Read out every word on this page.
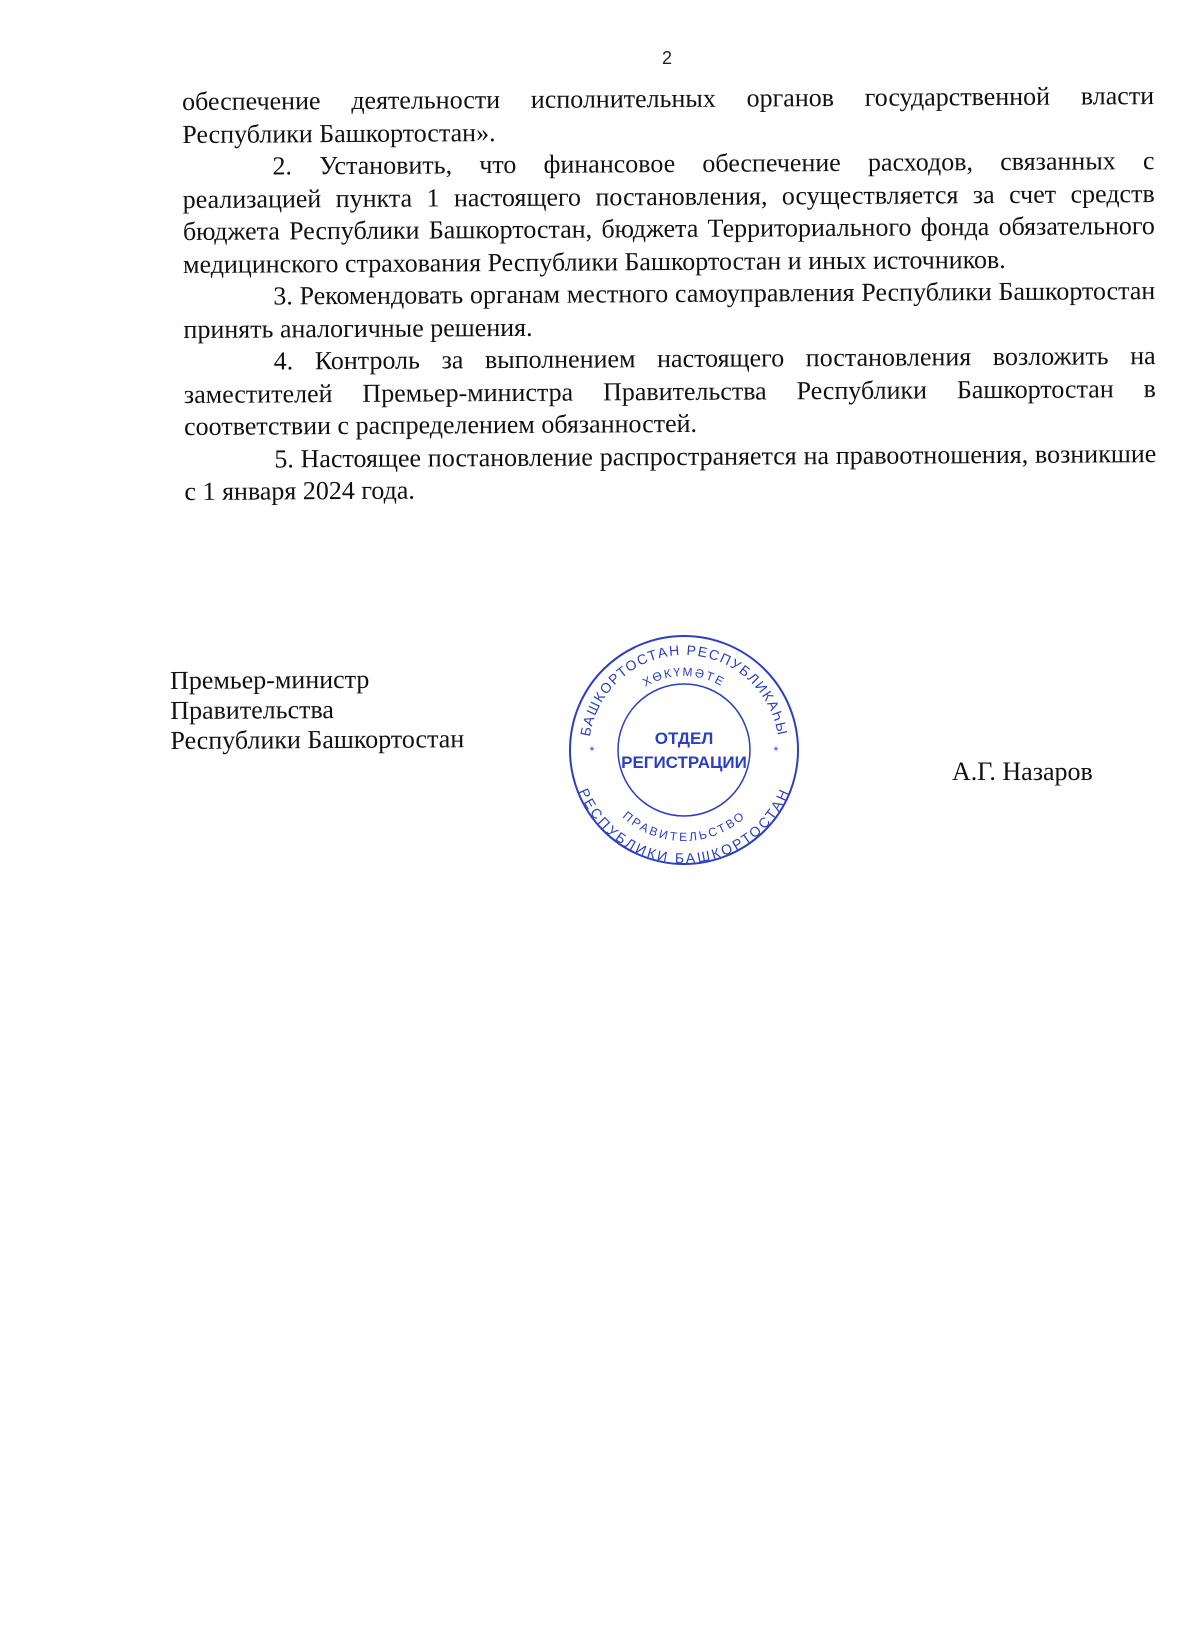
2

обеспечение деятельности исполнительных органов государственной власти Республики Башкортостан».

2. Установить, что финансовое обеспечение расходов, связанных с реализацией пункта 1 настоящего постановления, осуществляется за счет средств бюджета Республики Башкортостан, бюджета Территориального фонда обязательного медицинского страхования Республики Башкортостан и иных источников.

3. Рекомендовать органам местного самоуправления Республики Башкортостан принять аналогичные решения.

4. Контроль за выполнением настоящего постановления возложить на заместителей Премьер-министра Правительства Республики Башкортостан в соответствии с распределением обязанностей.

5. Настоящее постановление распространяется на правоотношения, возникшие с 1 января 2024 года.

Премьер-министр
Правительства
Республики Башкортостан
А.Г. Назаров
БАШКОРТОСТАН РЕСПУБЛИКАҺЫ
ХӨКҮМӘТЕ
РЕСПУБЛИКИ БАШКОРТОСТАН
ПРАВИТЕЛЬСТВО
ОТДЕЛ
РЕГИСТРАЦИИ
*	*
